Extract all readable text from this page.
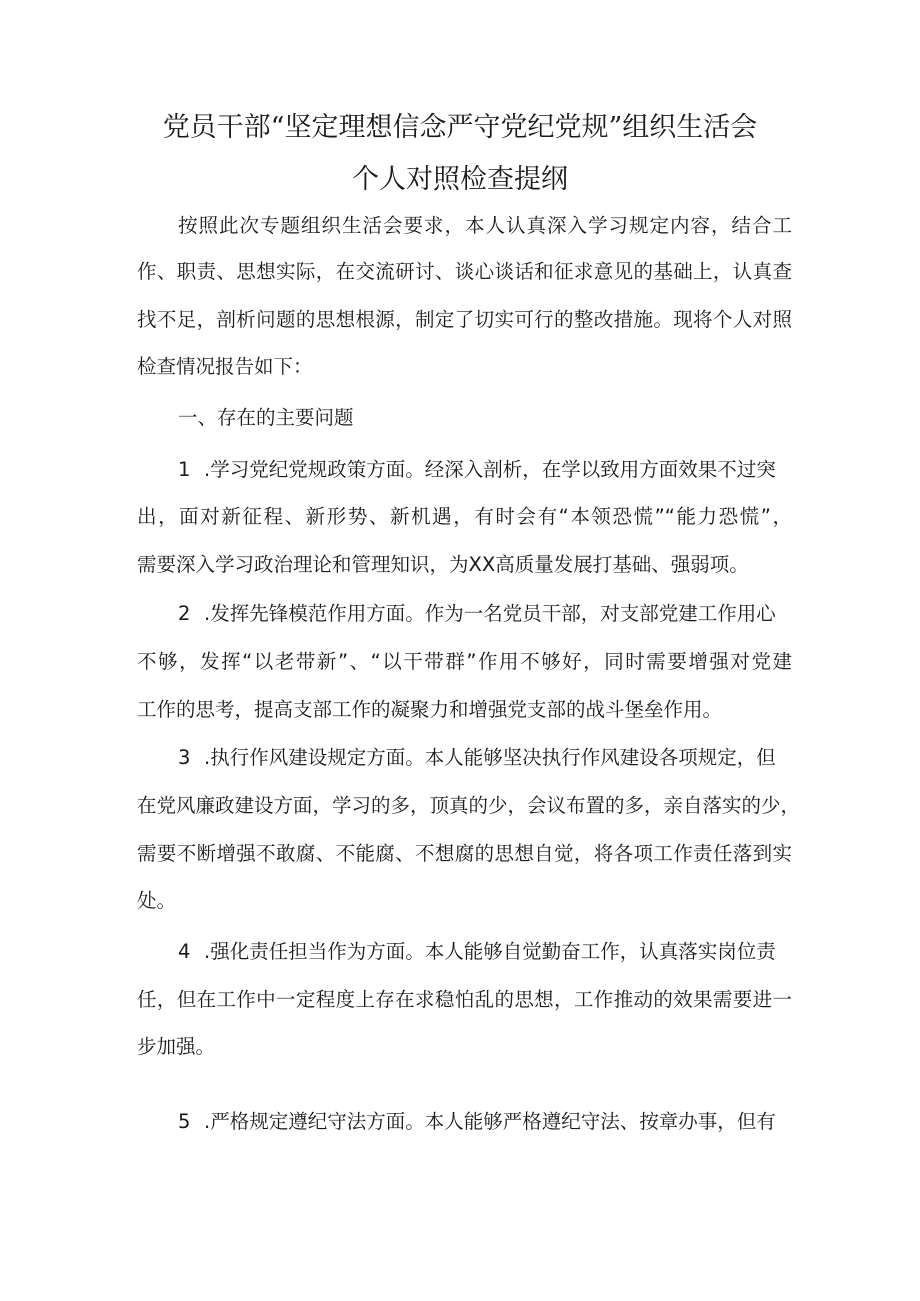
党员干部“坚定理想信念严守党纪党规”组织生活会
个人对照检查提纲
按照此次专题组织生活会要求，本人认真深入学习规定内容，结合工
作、职责、思想实际，在交流研讨、谈心谈话和征求意见的基础上，认真查
找不足，剖析问题的思想根源，制定了切实可行的整改措施。现将个人对照
检查情况报告如下：
一、存在的主要问题
1 .学习党纪党规政策方面。经深入剖析，在学以致用方面效果不过突
出，面对新征程、新形势、新机遇，有时会有“本领恐慌”“能力恐慌”，
需要深入学习政治理论和管理知识，为XX高质量发展打基础、强弱项。
2 .发挥先锋模范作用方面。作为一名党员干部，对支部党建工作用心
不够，发挥“以老带新”、“以干带群”作用不够好，同时需要增强对党建
工作的思考，提高支部工作的凝聚力和增强党支部的战斗堡垒作用。
3 .执行作风建设规定方面。本人能够坚决执行作风建设各项规定，但
在党风廉政建设方面，学习的多，顶真的少，会议布置的多，亲自落实的少，
需要不断增强不敢腐、不能腐、不想腐的思想自觉，将各项工作责任落到实
处。
4 .强化责任担当作为方面。本人能够自觉勤奋工作，认真落实岗位责
任，但在工作中一定程度上存在求稳怕乱的思想，工作推动的效果需要进一
步加强。
5 .严格规定遵纪守法方面。本人能够严格遵纪守法、按章办事，但有
